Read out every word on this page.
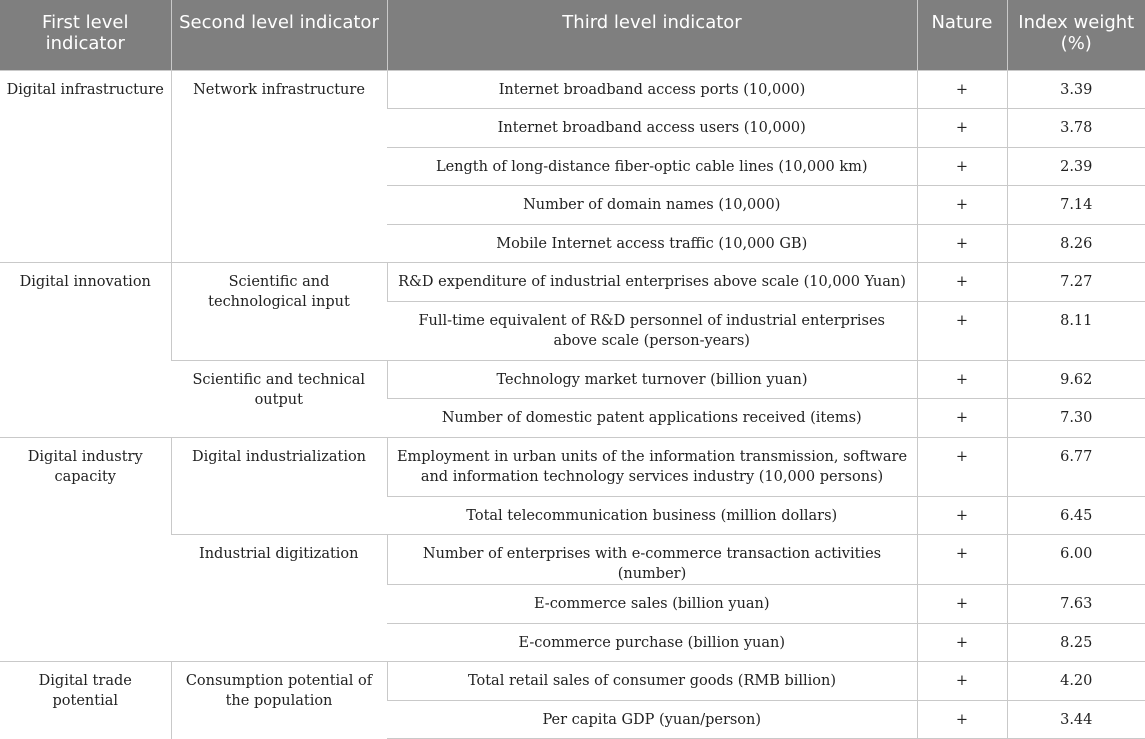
First level indicator	Second level indicator	Third level indicator	Nature	Index weight (%)
Digital infrastructure	Network infrastructure	Internet broadband access ports (10,000)	+	3.39
		Internet broadband access users (10,000)	+	3.78
		Length of long-distance fiber-optic cable lines (10,000 km)	+	2.39
		Number of domain names (10,000)	+	7.14
		Mobile Internet access traffic (10,000 GB)	+	8.26
Digital innovation	Scientific and technological input	R&D expenditure of industrial enterprises above scale (10,000 Yuan)	+	7.27
		Full-time equivalent of R&D personnel of industrial enterprises above scale (person-years)	+	8.11
	Scientific and technical output	Technology market turnover (billion yuan)	+	9.62
		Number of domestic patent applications received (items)	+	7.30
Digital industry capacity	Digital industrialization	Employment in urban units of the information transmission, software and information technology services industry (10,000 persons)	+	6.77
		Total telecommunication business (million dollars)	+	6.45
	Industrial digitization	Number of enterprises with e-commerce transaction activities (number)	+	6.00
		E-commerce sales (billion yuan)	+	7.63
		E-commerce purchase (billion yuan)	+	8.25
Digital trade potential	Consumption potential of the population	Total retail sales of consumer goods (RMB billion)	+	4.20
		Per capita GDP (yuan/person)	+	3.44
